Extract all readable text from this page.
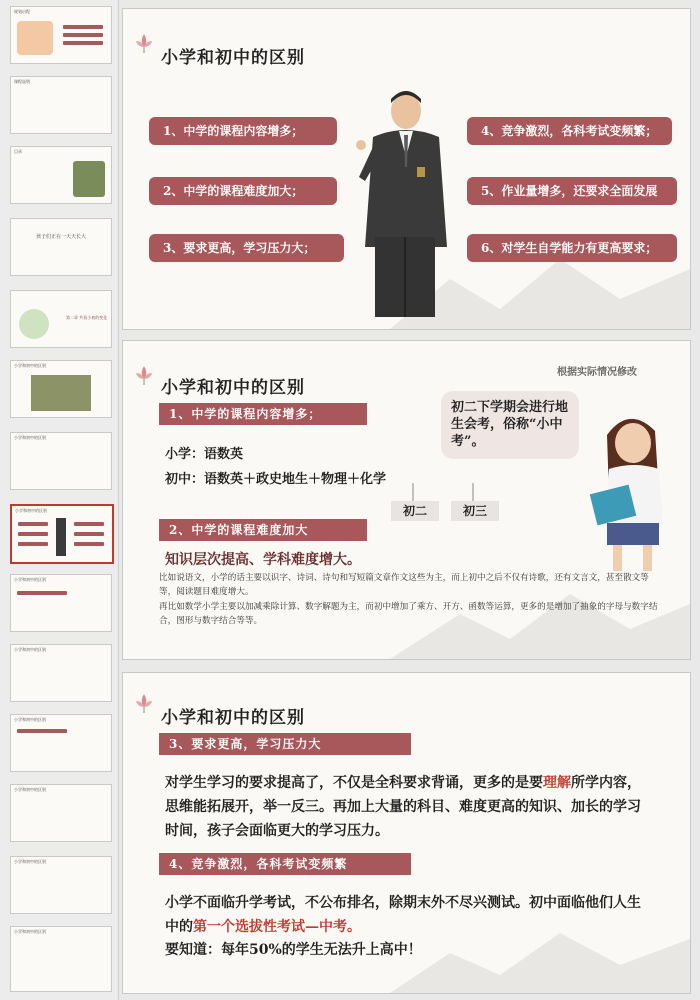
规划启程
课程说明
目录
孩子们正在一天天长大
第二章 共看小初的变化
小学和初中的区别
小学和初中的区别
小学和初中的区别
小学和初中的区别
小学和初中的区别
小学和初中的区别
小学和初中的区别
小学和初中的区别
小学和初中的区别
小学和初中的区别
1、中学的课程内容增多；
2、中学的课程难度加大；
3、要求更高，学习压力大；
4、竞争激烈，各科考试变频繁；
5、作业量增多，还要求全面发展
6、对学生自学能力有更高要求；
小学和初中的区别
根据实际情况修改
1、中学的课程内容增多；
小学：语数英
初中：语数英＋政史地生＋物理＋化学
初二	初三
初二下学期会进行地生会考，俗称“小中考”。
2、中学的课程难度加大
知识层次提高、学科难度增大。
比如说语文，小学的话主要以识字、诗词、诗句和写短篇文章作文这些为主，而上初中之后不仅有诗歌，还有文言文，甚至散文等等，阅读题目难度增大。
再比如数学小学主要以加减乘除计算、数字解题为主，而初中增加了乘方、开方、函数等运算，更多的是增加了抽象的字母与数字结合，图形与数字结合等等。
小学和初中的区别
3、要求更高，学习压力大
对学生学习的要求提高了，不仅是全科要求背诵，更多的是要理解所学内容，思维能拓展开，举一反三。再加上大量的科目、难度更高的知识、加长的学习时间，孩子会面临更大的学习压力。
4、竞争激烈，各科考试变频繁
小学不面临升学考试，不公布排名，除期末外不尽兴测试。初中面临他们人生中的第一个选拔性考试—中考。
要知道：每年50%的学生无法升上高中！
